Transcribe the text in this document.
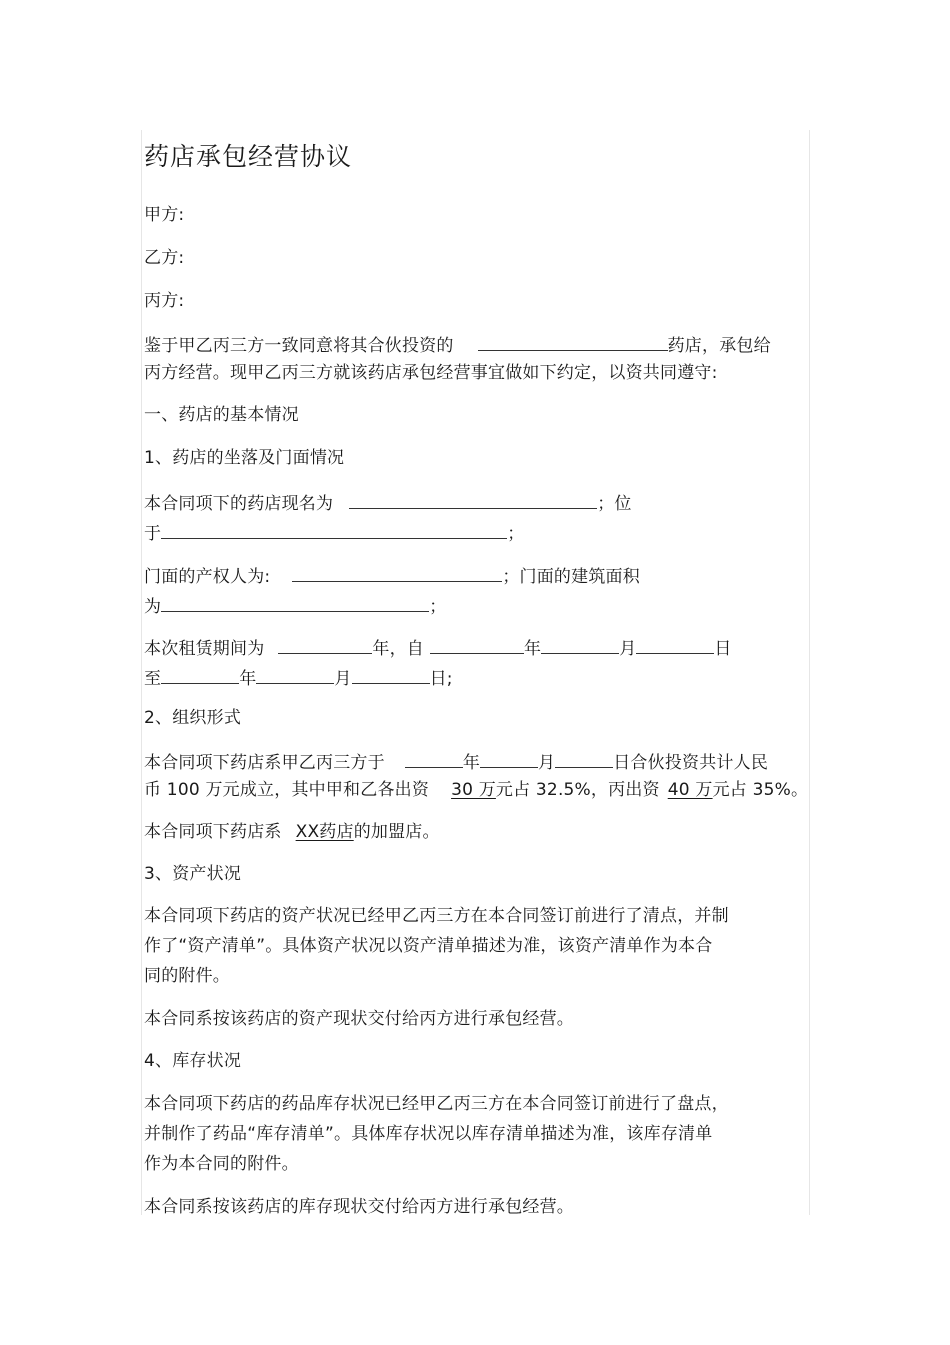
药店承包经营协议
甲方:
乙方:
丙方:
鉴于甲乙丙三方一致同意将其合伙投资的	药店，承包给
丙方经营。现甲乙丙三方就该药店承包经营事宜做如下约定，以资共同遵守:
一、药店的基本情况
1、药店的坐落及门面情况
本合同项下的药店现名为	；位
于	；
门面的产权人为:	；门面的建筑面积
为	；
本次租赁期间为	年，自	年	月	日
至	年	月	日;
2、组织形式
本合同项下药店系甲乙丙三方于	年	月	日合伙投资共计人民
币 100 万元成立，其中甲和乙各出资 30 万元占 32.5%，丙出资 40 万元占 35%。
本合同项下药店系 XX药店的加盟店。
3、资产状况
本合同项下药店的资产状况已经甲乙丙三方在本合同签订前进行了清点，并制
作了“资产清单”。具体资产状况以资产清单描述为准，该资产清单作为本合
同的附件。
本合同系按该药店的资产现状交付给丙方进行承包经营。
4、库存状况
本合同项下药店的药品库存状况已经甲乙丙三方在本合同签订前进行了盘点，
并制作了药品“库存清单”。具体库存状况以库存清单描述为准，该库存清单
作为本合同的附件。
本合同系按该药店的库存现状交付给丙方进行承包经营。
